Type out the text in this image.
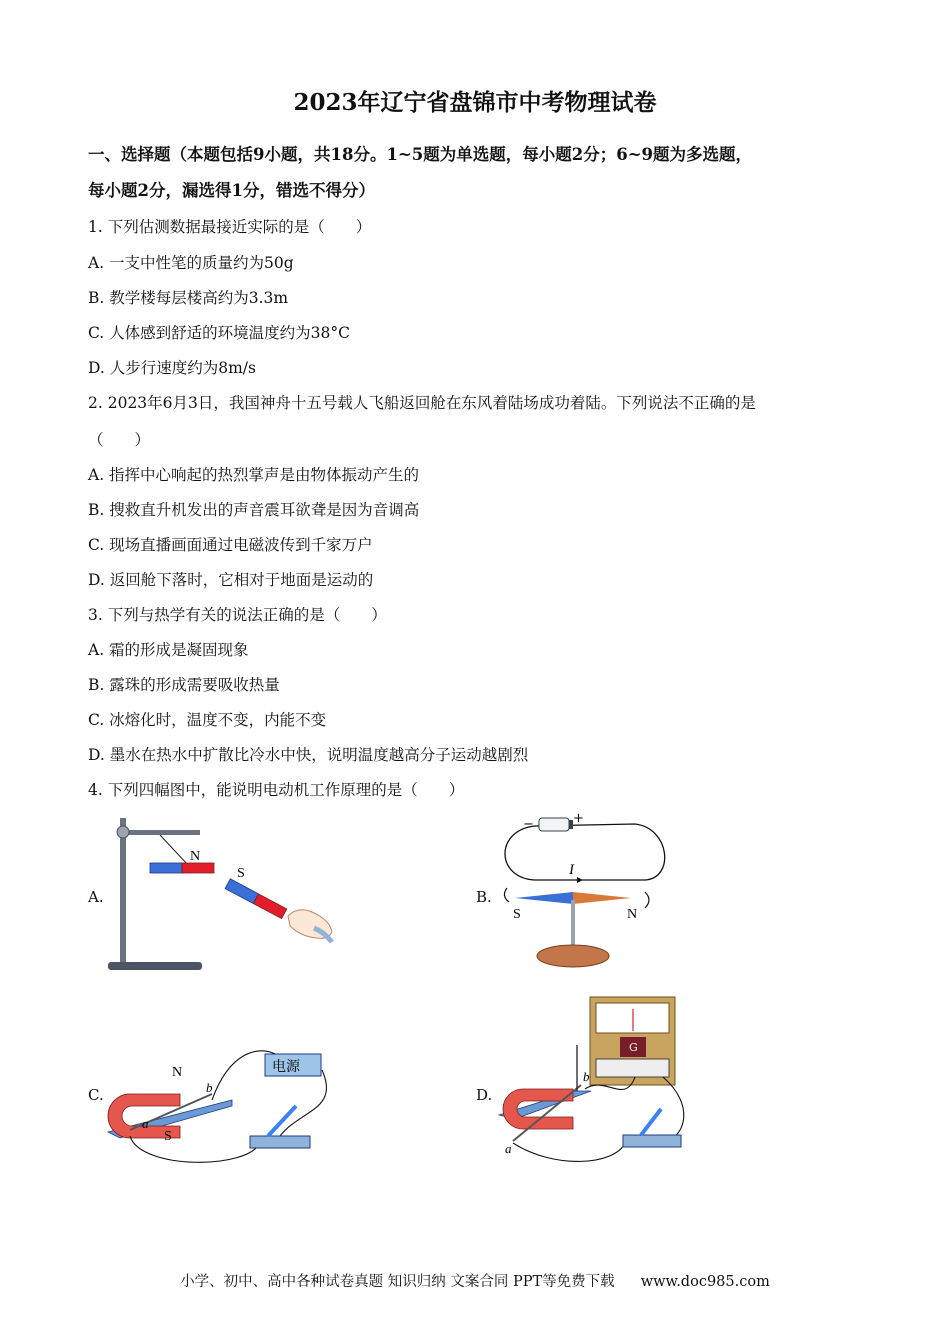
2023年辽宁省盘锦市中考物理试卷
一、选择题（本题包括9小题，共18分。1~5题为单选题，每小题2分；6~9题为多选题，
每小题2分，漏选得1分，错选不得分）
1. 下列估测数据最接近实际的是（　　）
A. 一支中性笔的质量约为50g
B. 教学楼每层楼高约为3.3m
C. 人体感到舒适的环境温度约为38°C
D. 人步行速度约为8m/s
2. 2023年6月3日，我国神舟十五号载人飞船返回舱在东风着陆场成功着陆。下列说法不正确的是
（　　）
A. 指挥中心响起的热烈掌声是由物体振动产生的
B. 搜救直升机发出的声音震耳欲聋是因为音调高
C. 现场直播画面通过电磁波传到千家万户
D. 返回舱下落时，它相对于地面是运动的
3. 下列与热学有关的说法正确的是（　　）
A. 霜的形成是凝固现象
B. 露珠的形成需要吸收热量
C. 冰熔化时，温度不变，内能不变
D. 墨水在热水中扩散比冷水中快，说明温度越高分子运动越剧烈
4. 下列四幅图中，能说明电动机工作原理的是（　　）
A.	B.
C.	D.
N
S
−	+
I
S	N
N
S
a
b
电源
G
a
b
小学、初中、高中各种试卷真题 知识归纳 文案合同 PPT等免费下载 www.doc985.com
